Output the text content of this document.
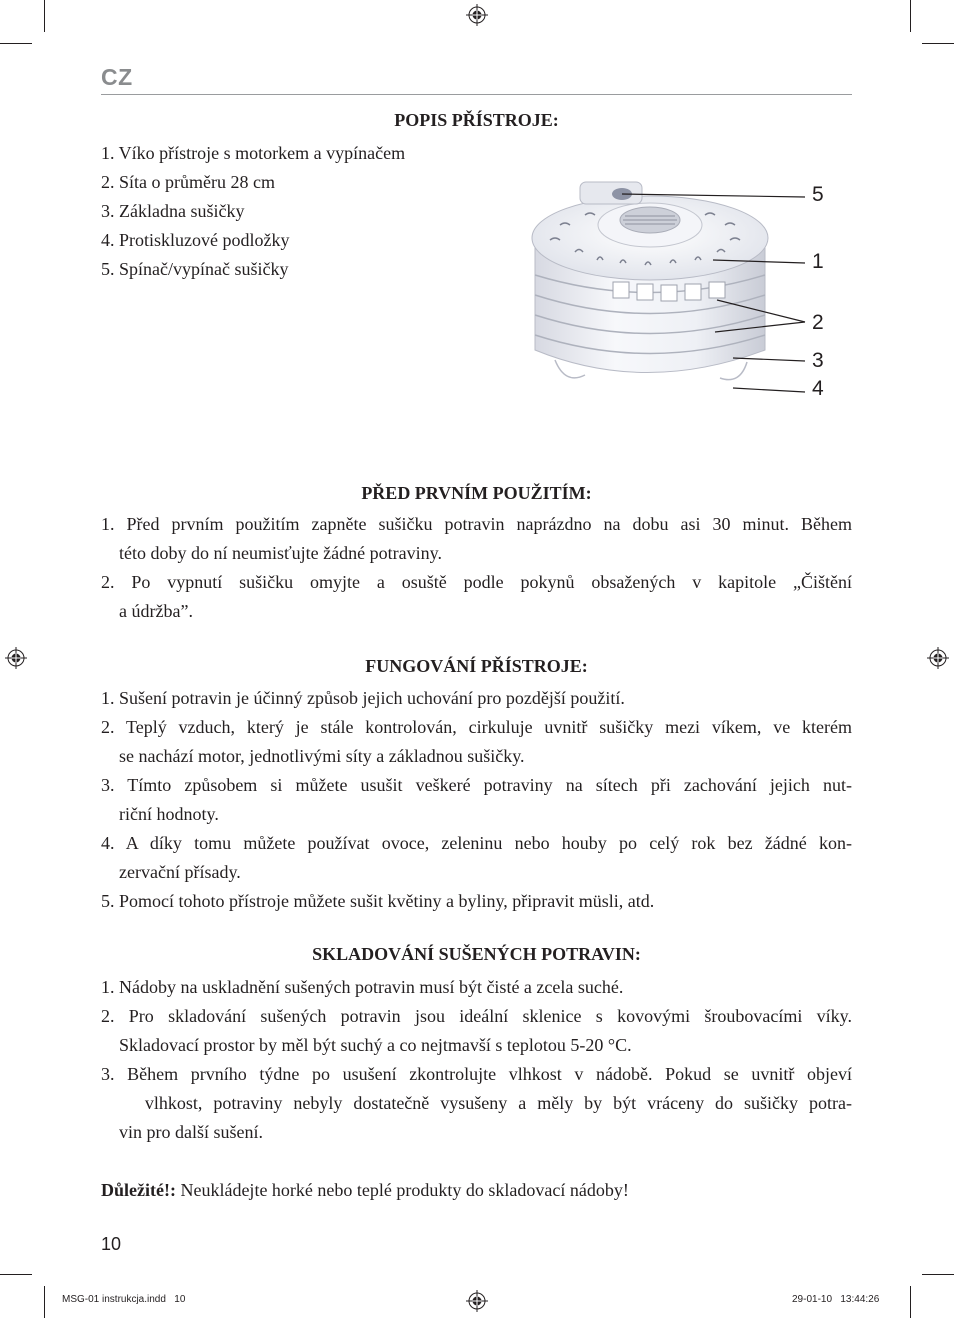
CZ
POPIS PŘÍSTROJE:
1. Víko přístroje s motorkem a vypínačem
2. Síta o průměru 28 cm
3. Základna sušičky
4. Protiskluzové podložky
5. Spínač/vypínač sušičky
5
1
2
3
4
PŘED PRVNÍM POUŽITÍM:
1. Před prvním použitím zapněte sušičku potravin naprázdno na dobu asi 30 minut. Během
této doby do ní neumisťujte žádné potraviny.
2. Po vypnutí sušičku omyjte a osuště podle pokynů obsažených v kapitole „Čištění
a údržba”.
FUNGOVÁNÍ PŘÍSTROJE:
1. Sušení potravin je účinný způsob jejich uchování pro pozdější použití.
2. Teplý vzduch, který je stále kontrolován, cirkuluje uvnitř sušičky mezi víkem, ve kterém
se nachází motor, jednotlivými síty a základnou sušičky.
3. Tímto způsobem si můžete usušit veškeré potraviny na sítech při zachování jejich nut-
riční hodnoty.
4. A díky tomu můžete používat ovoce, zeleninu nebo houby po celý rok bez žádné kon-
zervační přísady.
5. Pomocí tohoto přístroje můžete sušit květiny a byliny, připravit müsli, atd.
SKLADOVÁNÍ SUŠENÝCH POTRAVIN:
1. Nádoby na uskladnění sušených potravin musí být čisté a zcela suché.
2. Pro skladování sušených potravin jsou ideální sklenice s kovovými šroubovacími víky.
Skladovací prostor by měl být suchý a co nejtmavší s teplotou 5-20 °C.
3. Během prvního týdne po usušení zkontrolujte vlhkost v nádobě. Pokud se uvnitř objeví
vlhkost, potraviny nebyly dostatečně vysušeny a měly by být vráceny do sušičky potra-
vin pro další sušení.
Důležité!: Neukládejte horké nebo teplé produkty do skladovací nádoby!
10
MSG-01 instrukcja.indd   10	29-01-10   13:44:26
